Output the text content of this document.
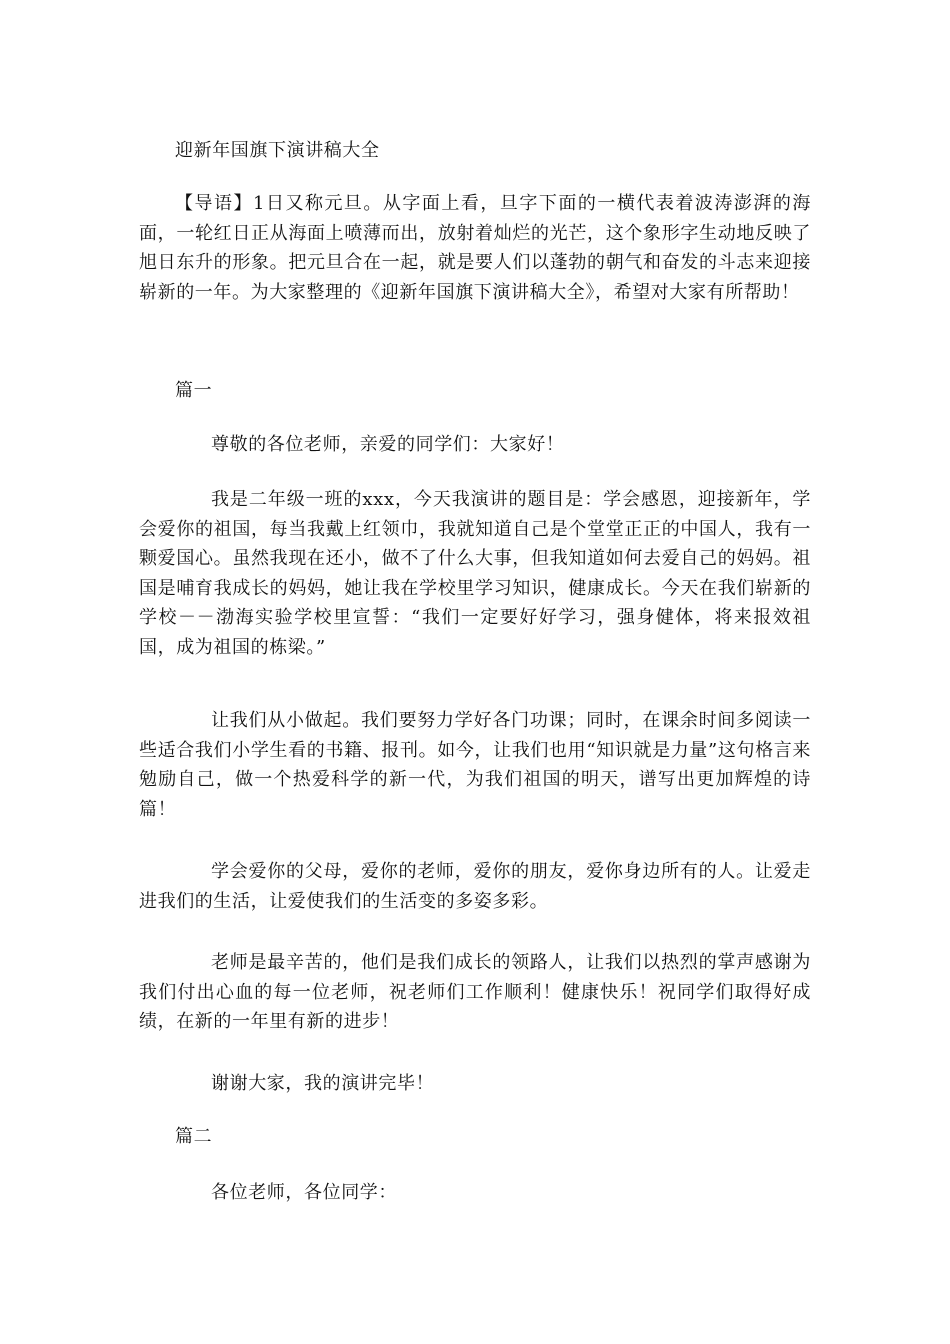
迎新年国旗下演讲稿大全

【导语】1日又称元旦。从字面上看，旦字下面的一横代表着波涛澎湃的海面，一轮红日正从海面上喷薄而出，放射着灿烂的光芒，这个象形字生动地反映了旭日东升的形象。把元旦合在一起，就是要人们以蓬勃的朝气和奋发的斗志来迎接崭新的一年。为大家整理的《迎新年国旗下演讲稿大全》，希望对大家有所帮助！

篇一

尊敬的各位老师，亲爱的同学们：大家好！

我是二年级一班的xxx，今天我演讲的题目是：学会感恩，迎接新年，学会爱你的祖国，每当我戴上红领巾，我就知道自己是个堂堂正正的中国人，我有一颗爱国心。虽然我现在还小，做不了什么大事，但我知道如何去爱自己的妈妈。祖国是哺育我成长的妈妈，她让我在学校里学习知识，健康成长。今天在我们崭新的学校－－渤海实验学校里宣誓：“我们一定要好好学习，强身健体，将来报效祖国，成为祖国的栋梁。”

让我们从小做起。我们要努力学好各门功课；同时，在课余时间多阅读一些适合我们小学生看的书籍、报刊。如今，让我们也用“知识就是力量”这句格言来勉励自己，做一个热爱科学的新一代，为我们祖国的明天，谱写出更加辉煌的诗篇！

学会爱你的父母，爱你的老师，爱你的朋友，爱你身边所有的人。让爱走进我们的生活，让爱使我们的生活变的多姿多彩。

老师是最辛苦的，他们是我们成长的领路人，让我们以热烈的掌声感谢为我们付出心血的每一位老师，祝老师们工作顺利！健康快乐！祝同学们取得好成绩，在新的一年里有新的进步！

谢谢大家，我的演讲完毕！

篇二

各位老师，各位同学：
